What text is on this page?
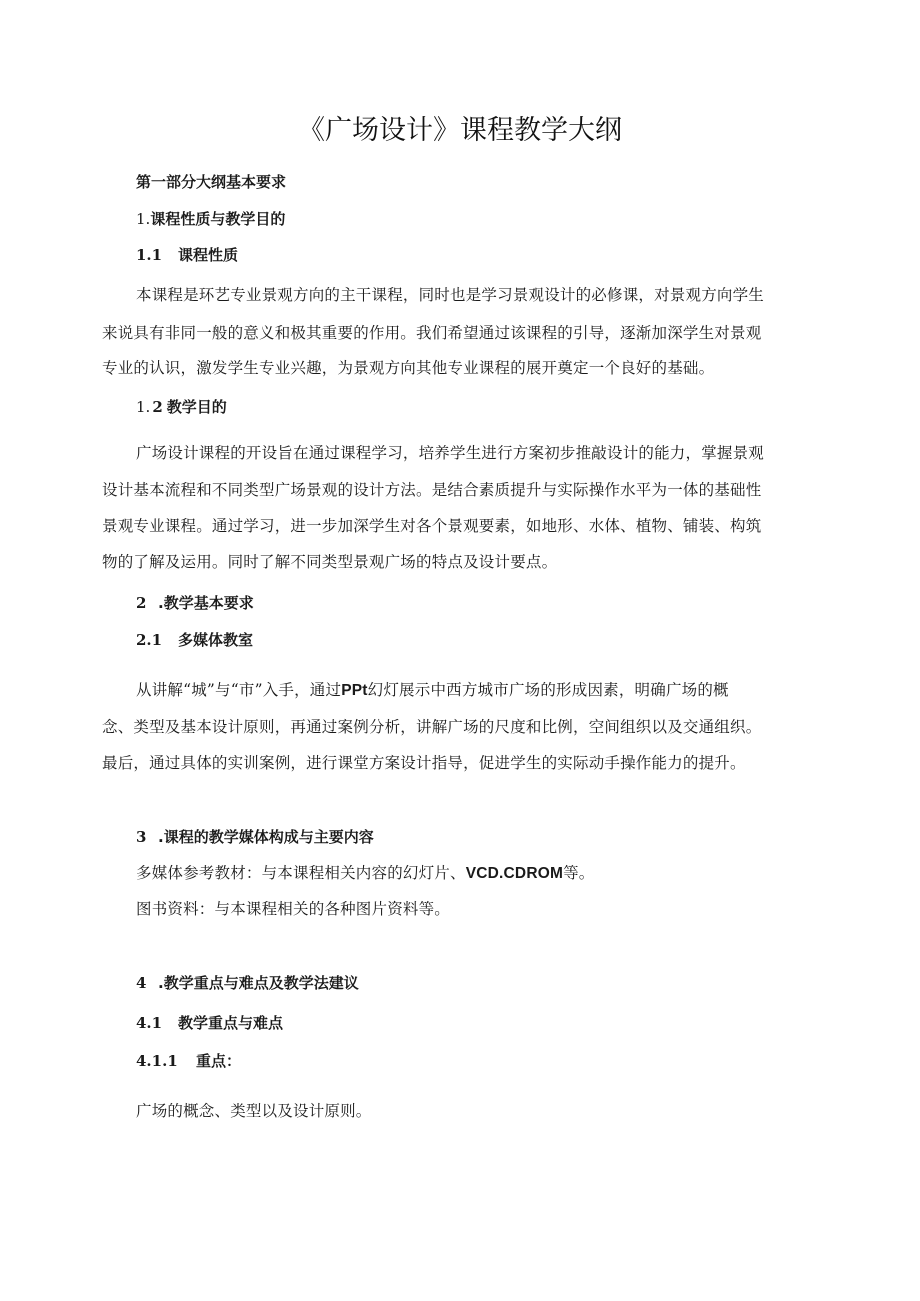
《广场设计》课程教学大纲
第一部分大纲基本要求
1.课程性质与教学目的
1.1 课程性质
本课程是环艺专业景观方向的主干课程，同时也是学习景观设计的必修课，对景观方向学生
来说具有非同一般的意义和极其重要的作用。我们希望通过该课程的引导，逐渐加深学生对景观
专业的认识，激发学生专业兴趣，为景观方向其他专业课程的展开奠定一个良好的基础。
1. 2 教学目的
广场设计课程的开设旨在通过课程学习，培养学生进行方案初步推敲设计的能力，掌握景观
设计基本流程和不同类型广场景观的设计方法。是结合素质提升与实际操作水平为一体的基础性
景观专业课程。通过学习，进一步加深学生对各个景观要素，如地形、水体、植物、铺装、构筑
物的了解及运用。同时了解不同类型景观广场的特点及设计要点。
2 .教学基本要求
2.1 多媒体教室
从讲解“城”与“市”入手，通过PPt幻灯展示中西方城市广场的形成因素，明确广场的概
念、类型及基本设计原则，再通过案例分析，讲解广场的尺度和比例，空间组织以及交通组织。
最后，通过具体的实训案例，进行课堂方案设计指导，促进学生的实际动手操作能力的提升。
3 .课程的教学媒体构成与主要内容
多媒体参考教材：与本课程相关内容的幻灯片、VCD.CDROM等。
图书资料：与本课程相关的各种图片资料等。
4 .教学重点与难点及教学法建议
4.1 教学重点与难点
4.1.1 重点：
广场的概念、类型以及设计原则。
